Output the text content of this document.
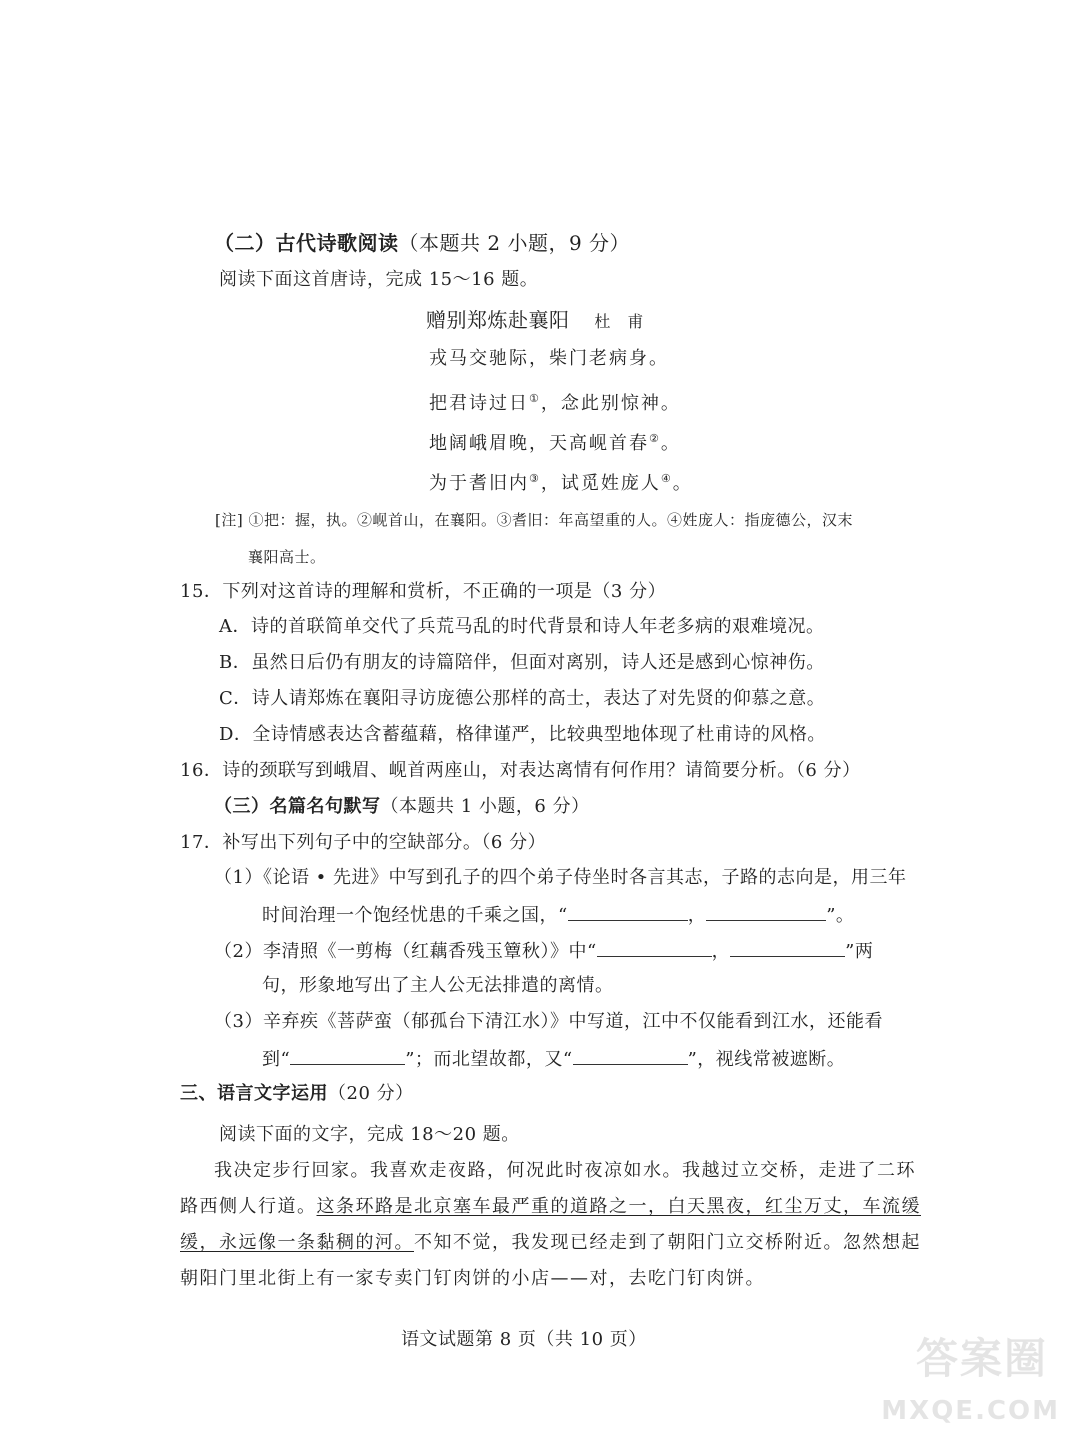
（二）古代诗歌阅读（本题共 2 小题，9 分）
阅读下面这首唐诗，完成 15～16 题。
赠别郑炼赴襄阳 杜　甫
戎马交驰际，柴门老病身。
把君诗过日①，念此别惊神。
地阔峨眉晚，天高岘首春②。
为于耆旧内③，试觅姓庞人④。
[注] ①把：握，执。②岘首山，在襄阳。③耆旧：年高望重的人。④姓庞人：指庞德公，汉末
襄阳高士。
15．下列对这首诗的理解和赏析，不正确的一项是（3 分）
A．诗的首联简单交代了兵荒马乱的时代背景和诗人年老多病的艰难境况。
B．虽然日后仍有朋友的诗篇陪伴，但面对离别，诗人还是感到心惊神伤。
C．诗人请郑炼在襄阳寻访庞德公那样的高士，表达了对先贤的仰慕之意。
D．全诗情感表达含蓄蕴藉，格律谨严，比较典型地体现了杜甫诗的风格。
16．诗的颈联写到峨眉、岘首两座山，对表达离情有何作用？请简要分析。（6 分）
（三）名篇名句默写（本题共 1 小题，6 分）
17．补写出下列句子中的空缺部分。（6 分）
（1）《论语 • 先进》中写到孔子的四个弟子侍坐时各言其志，子路的志向是，用三年
时间治理一个饱经忧患的千乘之国，“	，	”。
（2）李清照《一剪梅（红藕香残玉簟秋）》中“	，	”两
句，形象地写出了主人公无法排遣的离情。
（3）辛弃疾《菩萨蛮（郁孤台下清江水）》中写道，江中不仅能看到江水，还能看
到“	”；而北望故都，又“	”，视线常被遮断。
三、语言文字运用（20 分）
阅读下面的文字，完成 18～20 题。
我决定步行回家。我喜欢走夜路，何况此时夜凉如水。我越过立交桥，走进了二环
路西侧人行道。这条环路是北京塞车最严重的道路之一，白天黑夜，红尘万丈，车流缓
缓，永远像一条黏稠的河。不知不觉，我发现已经走到了朝阳门立交桥附近。忽然想起
朝阳门里北街上有一家专卖门钉肉饼的小店——对，去吃门钉肉饼。
语文试题第 8 页（共 10 页）	答案圈
MXQE.COM
